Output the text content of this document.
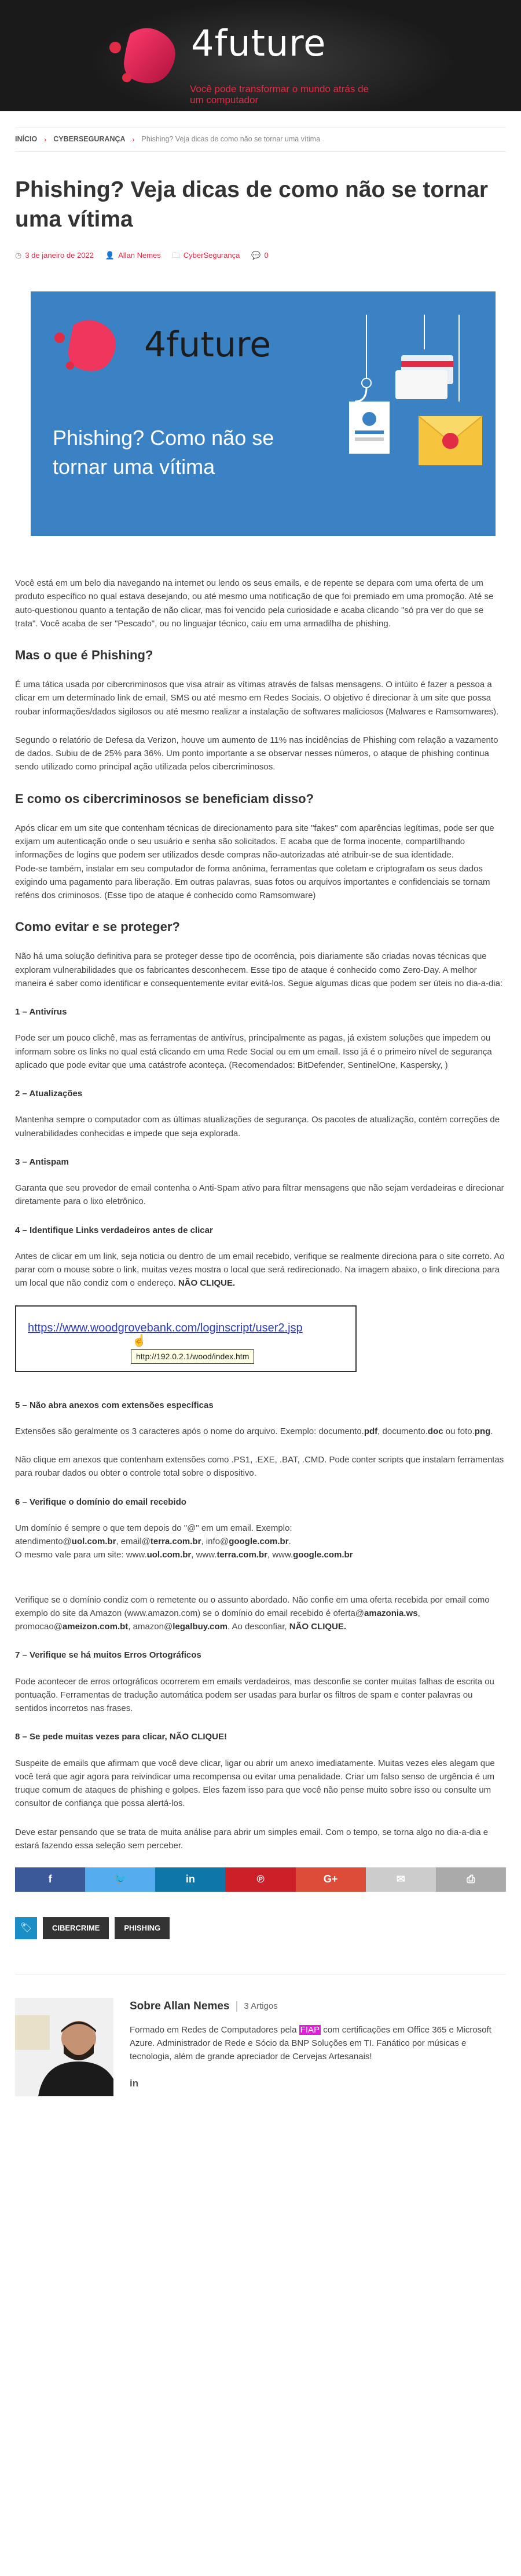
4future
Você pode transformar o mundo atrás de um computador
INÍCIO › CYBERSEGURANÇA › Phishing? Veja dicas de como não se tornar uma vítima
Phishing? Veja dicas de como não se tornar uma vítima
◷ 3 de janeiro de 2022 👤 Allan Nemes 🗀 CyberSegurança 💬 0
4future
Phishing? Como não se tornar uma vítima

Você está em um belo dia navegando na internet ou lendo os seus emails, e de repente se depara com uma oferta de um produto específico no qual estava desejando, ou até mesmo uma notificação de que foi premiado em uma promoção. Até se auto-questionou quanto a tentação de não clicar, mas foi vencido pela curiosidade e acaba clicando "só pra ver do que se trata". Você acaba de ser "Pescado", ou no linguajar técnico, caiu em uma armadilha de phishing.

Mas o que é Phishing?

É uma tática usada por cibercriminosos que visa atrair as vítimas através de falsas mensagens. O intúito é fazer a pessoa a clicar em um determinado link de email, SMS ou até mesmo em Redes Sociais. O objetivo é direcionar à um site que possa roubar informações/dados sigilosos ou até mesmo realizar a instalação de softwares maliciosos (Malwares e Ramsomwares).

Segundo o relatório de Defesa da Verizon, houve um aumento de 11% nas incidências de Phishing com relação a vazamento de dados. Subiu de de 25% para 36%. Um ponto importante a se observar nesses números, o ataque de phishing continua sendo utilizado como principal ação utilizada pelos cibercriminosos.

E como os cibercriminosos se beneficiam disso?

Após clicar em um site que contenham técnicas de direcionamento para site "fakes" com aparências legítimas, pode ser que exijam um autenticação onde o seu usuário e senha são solicitados. E acaba que de forma inocente, compartilhando informações de logins que podem ser utilizados desde compras não-autorizadas até atribuir-se de sua identidade.

Pode-se também, instalar em seu computador de forma anônima, ferramentas que coletam e criptografam os seus dados exigindo uma pagamento para liberação. Em outras palavras, suas fotos ou arquivos importantes e confidenciais se tornam reféns dos criminosos. (Esse tipo de ataque é conhecido como Ramsomware)

Como evitar e se proteger?

Não há uma solução definitiva para se proteger desse tipo de ocorrência, pois diariamente são criadas novas técnicas que exploram vulnerabilidades que os fabricantes desconhecem. Esse tipo de ataque é conhecido como Zero-Day. A melhor maneira é saber como identificar e consequentemente evitar evitá-los. Segue algumas dicas que podem ser úteis no dia-a-dia:

1 – Antivírus

Pode ser um pouco clichê, mas as ferramentas de antivírus, principalmente as pagas, já existem soluções que impedem ou informam sobre os links no qual está clicando em uma Rede Social ou em um email. Isso já é o primeiro nível de segurança aplicado que pode evitar que uma catástrofe aconteça. (Recomendados: BitDefender, SentinelOne, Kaspersky, )

2 – Atualizações

Mantenha sempre o computador com as últimas atualizações de segurança. Os pacotes de atualização, contém correções de vulnerabilidades conhecidas e impede que seja explorada.

3 – Antispam

Garanta que seu provedor de email contenha o Anti-Spam ativo para filtrar mensagens que não sejam verdadeiras e direcionar diretamente para o lixo eletrônico.

4 – Identifique Links verdadeiros antes de clicar

Antes de clicar em um link, seja noticia ou dentro de um email recebido, verifique se realmente direciona para o site correto. Ao parar com o mouse sobre o link, muitas vezes mostra o local que será redirecionado. Na imagem abaixo, o link direciona para um local que não condiz com o endereço. NÃO CLIQUE.

https://www.woodgrovebank.com/loginscript/user2.jsp
☝
http://192.0.2.1/wood/index.htm
5 – Não abra anexos com extensões específicas

Extensões são geralmente os 3 caracteres após o nome do arquivo. Exemplo: documento.pdf, documento.doc ou foto.png.

Não clique em anexos que contenham extensões como .PS1, .EXE, .BAT, .CMD. Pode conter scripts que instalam ferramentas para roubar dados ou obter o controle total sobre o dispositivo.

6 – Verifique o domínio do email recebido

Um domínio é sempre o que tem depois do "@" em um email. Exemplo:
atendimento@uol.com.br, email@terra.com.br, info@google.com.br.
O mesmo vale para um site: www.uol.com.br, www.terra.com.br, www.google.com.br

Verifique se o domínio condiz com o remetente ou o assunto abordado. Não confie em uma oferta recebida por email como exemplo do site da Amazon (www.amazon.com) se o domínio do email recebido é oferta@amazonia.ws, promocao@ameizon.com.bt, amazon@legalbuy.com. Ao desconfiar, NÃO CLIQUE.

7 – Verifique se há muitos Erros Ortográficos

Pode acontecer de erros ortográficos ocorrerem em emails verdadeiros, mas desconfie se conter muitas falhas de escrita ou pontuação. Ferramentas de tradução automática podem ser usadas para burlar os filtros de spam e conter palavras ou sentidos incorretos nas frases.

8 – Se pede muitas vezes para clicar, NÃO CLIQUE!

Suspeite de emails que afirmam que você deve clicar, ligar ou abrir um anexo imediatamente. Muitas vezes eles alegam que você terá que agir agora para reivindicar uma recompensa ou evitar uma penalidade. Criar um falso senso de urgência é um truque comum de ataques de phishing e golpes. Eles fazem isso para que você não pense muito sobre isso ou consulte um consultor de confiança que possa alertá-los.

Deve estar pensando que se trata de muita análise para abrir um simples email. Com o tempo, se torna algo no dia-a-dia e estará fazendo essa seleção sem perceber.

f	🐦	in	℗	G+	✉	⎙
🏷	CIBERCRIME	PHISHING
Sobre Allan Nemes | 3 Artigos

Formado em Redes de Computadores pela FIAP com certificações em Office 365 e Microsoft Azure. Administrador de Rede e Sócio da BNP Soluções em TI. Fanático por músicas e tecnologia, além de grande apreciador de Cervejas Artesanais!

in
